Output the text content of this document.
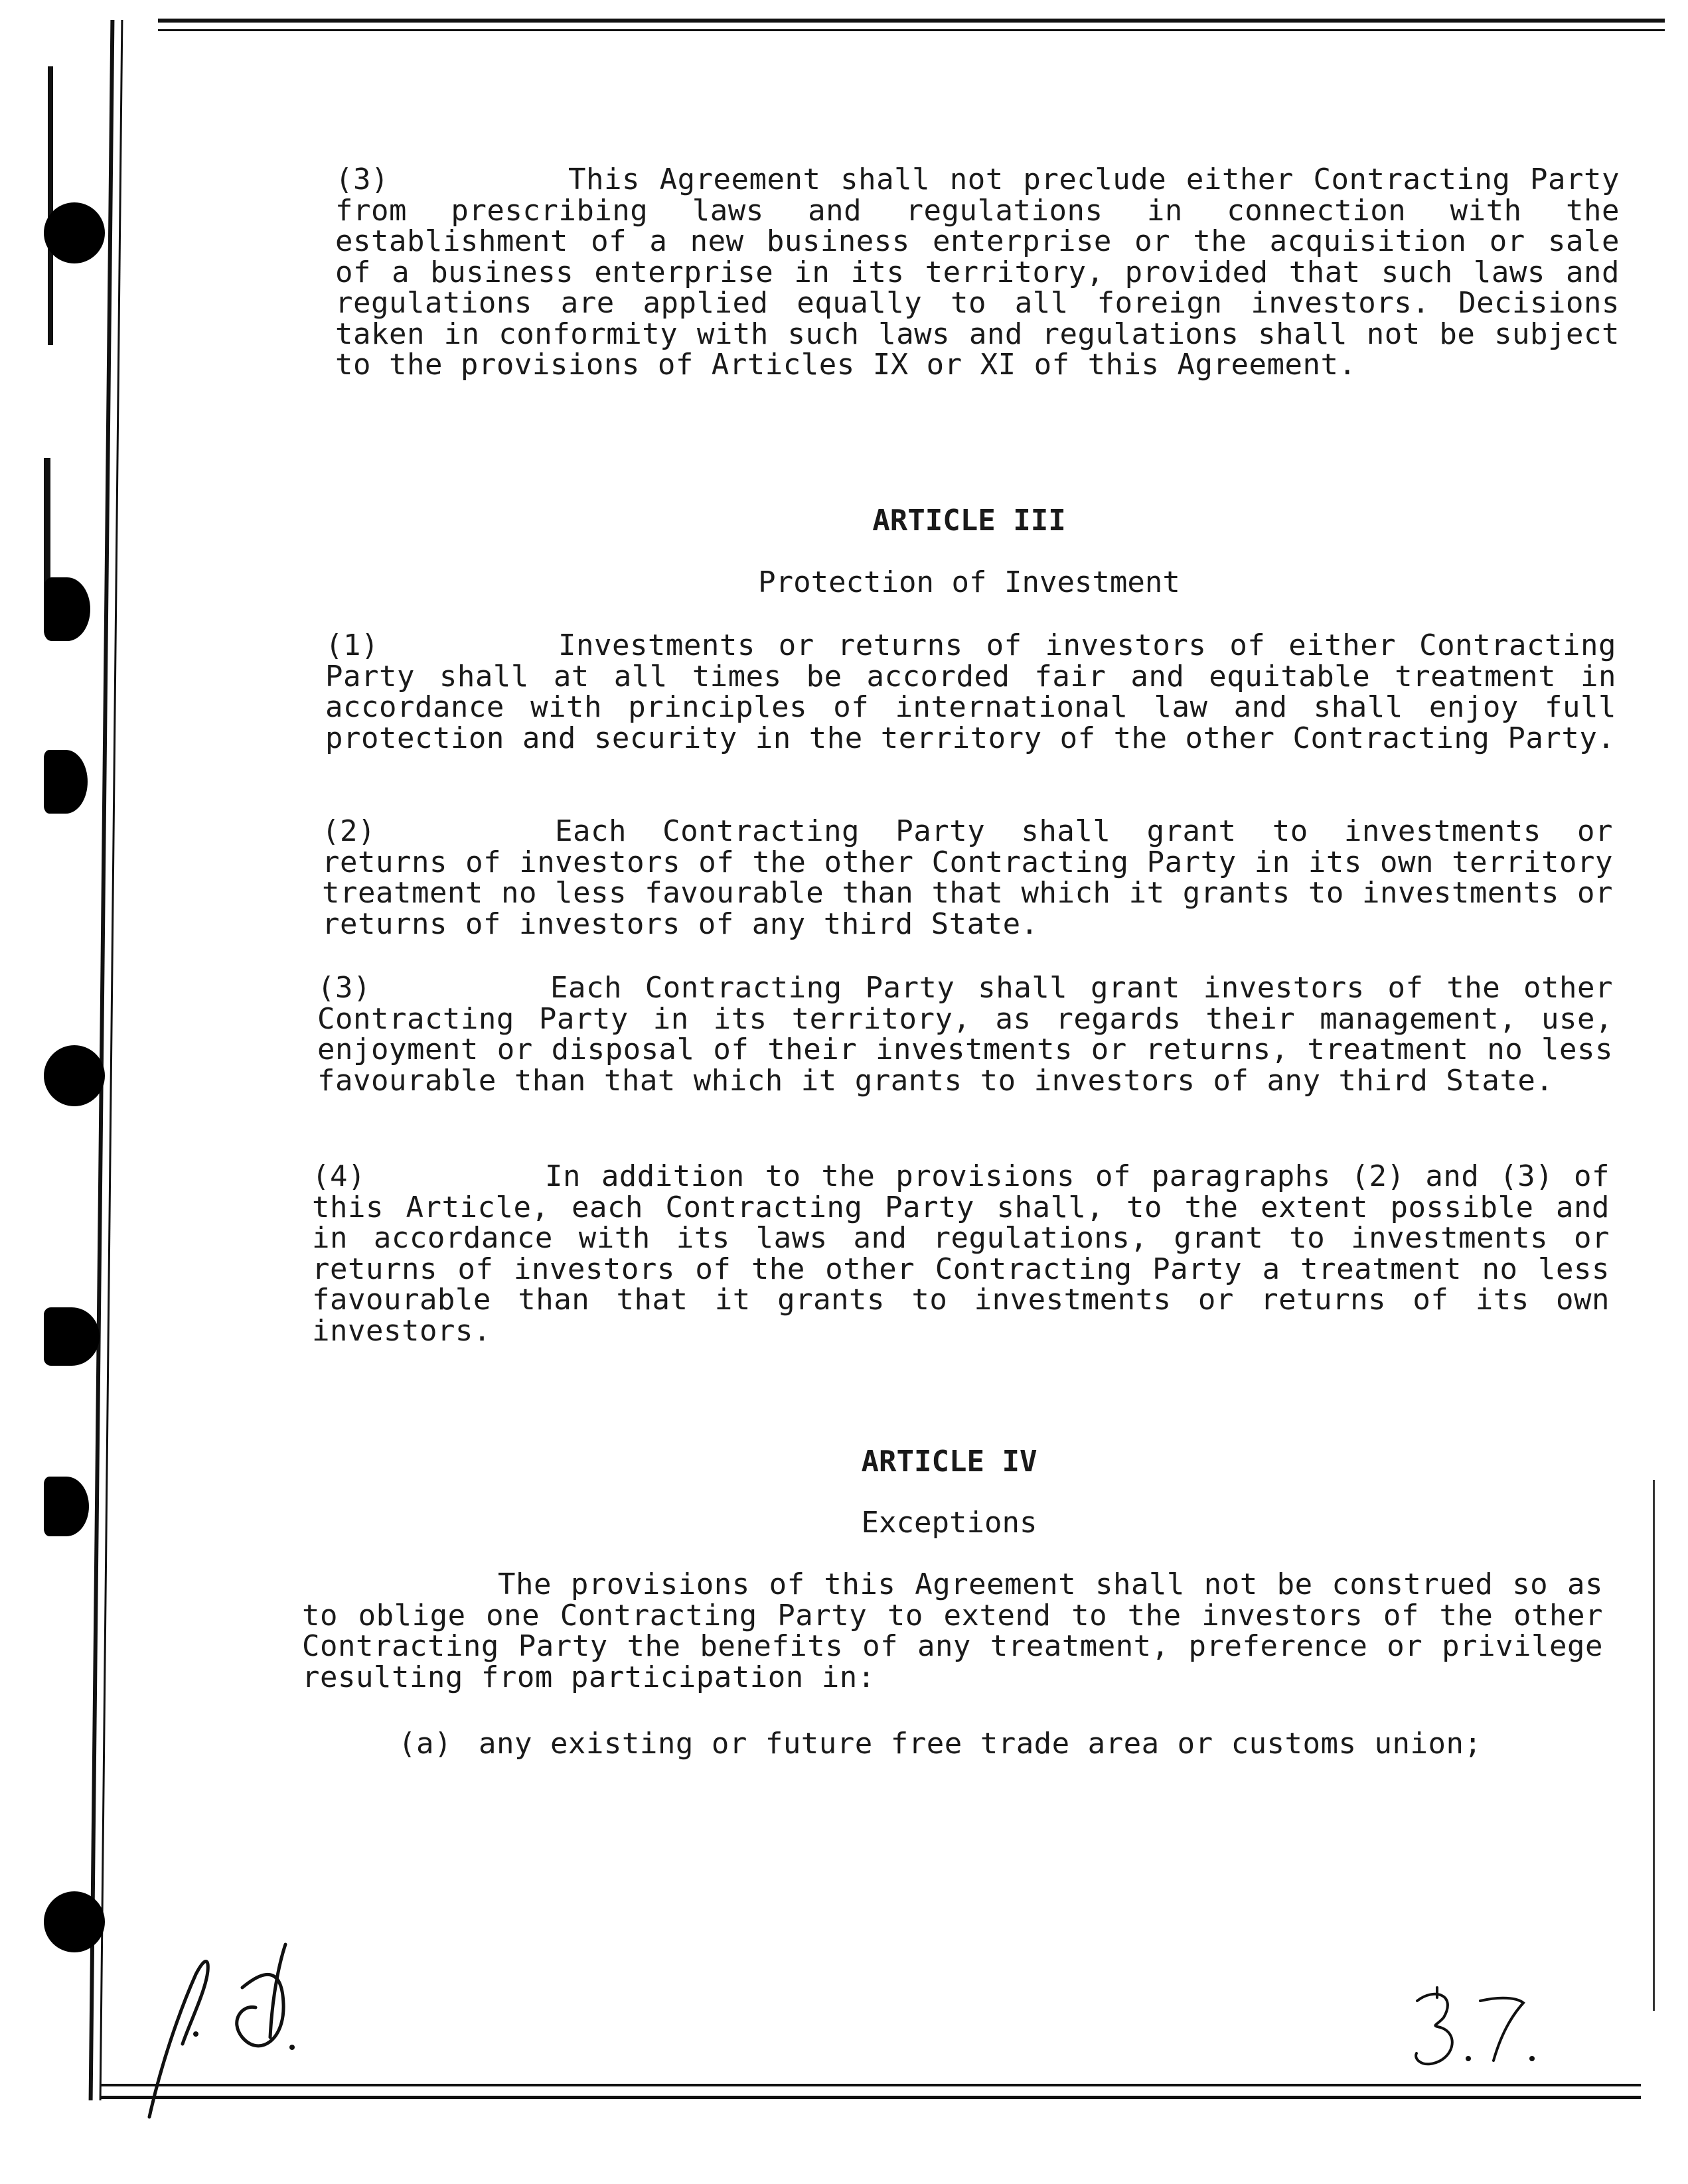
(3)	This Agreement shall not preclude either Contracting Party from prescribing laws and regulations in connection with the establishment of a new business enterprise or the acquisition or sale of a business enterprise in its territory, provided that such laws and regulations are applied equally to all foreign investors. Decisions taken in conformity with such laws and regulations shall not be subject to the provisions of Articles IX or XI of this Agreement.
ARTICLE III
Protection of Investment
(1)	Investments or returns of investors of either Contracting Party shall at all times be accorded fair and equitable treatment in accordance with principles of international law and shall enjoy full protection and security in the territory of the other Contracting Party.
(2)	Each Contracting Party shall grant to investments or returns of investors of the other Contracting Party in its own territory treatment no less favourable than that which it grants to investments or returns of investors of any third State.
(3)	Each Contracting Party shall grant investors of the other Contracting Party in its territory, as regards their management, use, enjoyment or disposal of their investments or returns, treatment no less favourable than that which it grants to investors of any third State.
(4)	In addition to the provisions of paragraphs (2) and (3) of this Article, each Contracting Party shall, to the extent possible and in accordance with its laws and regulations, grant to investments or returns of investors of the other Contracting Party a treatment no less favourable than that it grants to investments or returns of its own investors.
ARTICLE IV
Exceptions
The provisions of this Agreement shall not be construed so as to oblige one Contracting Party to extend to the investors of the other Contracting Party the benefits of any treatment, preference or privilege resulting from participation in:
(a) any existing or future free trade area or customs union;
